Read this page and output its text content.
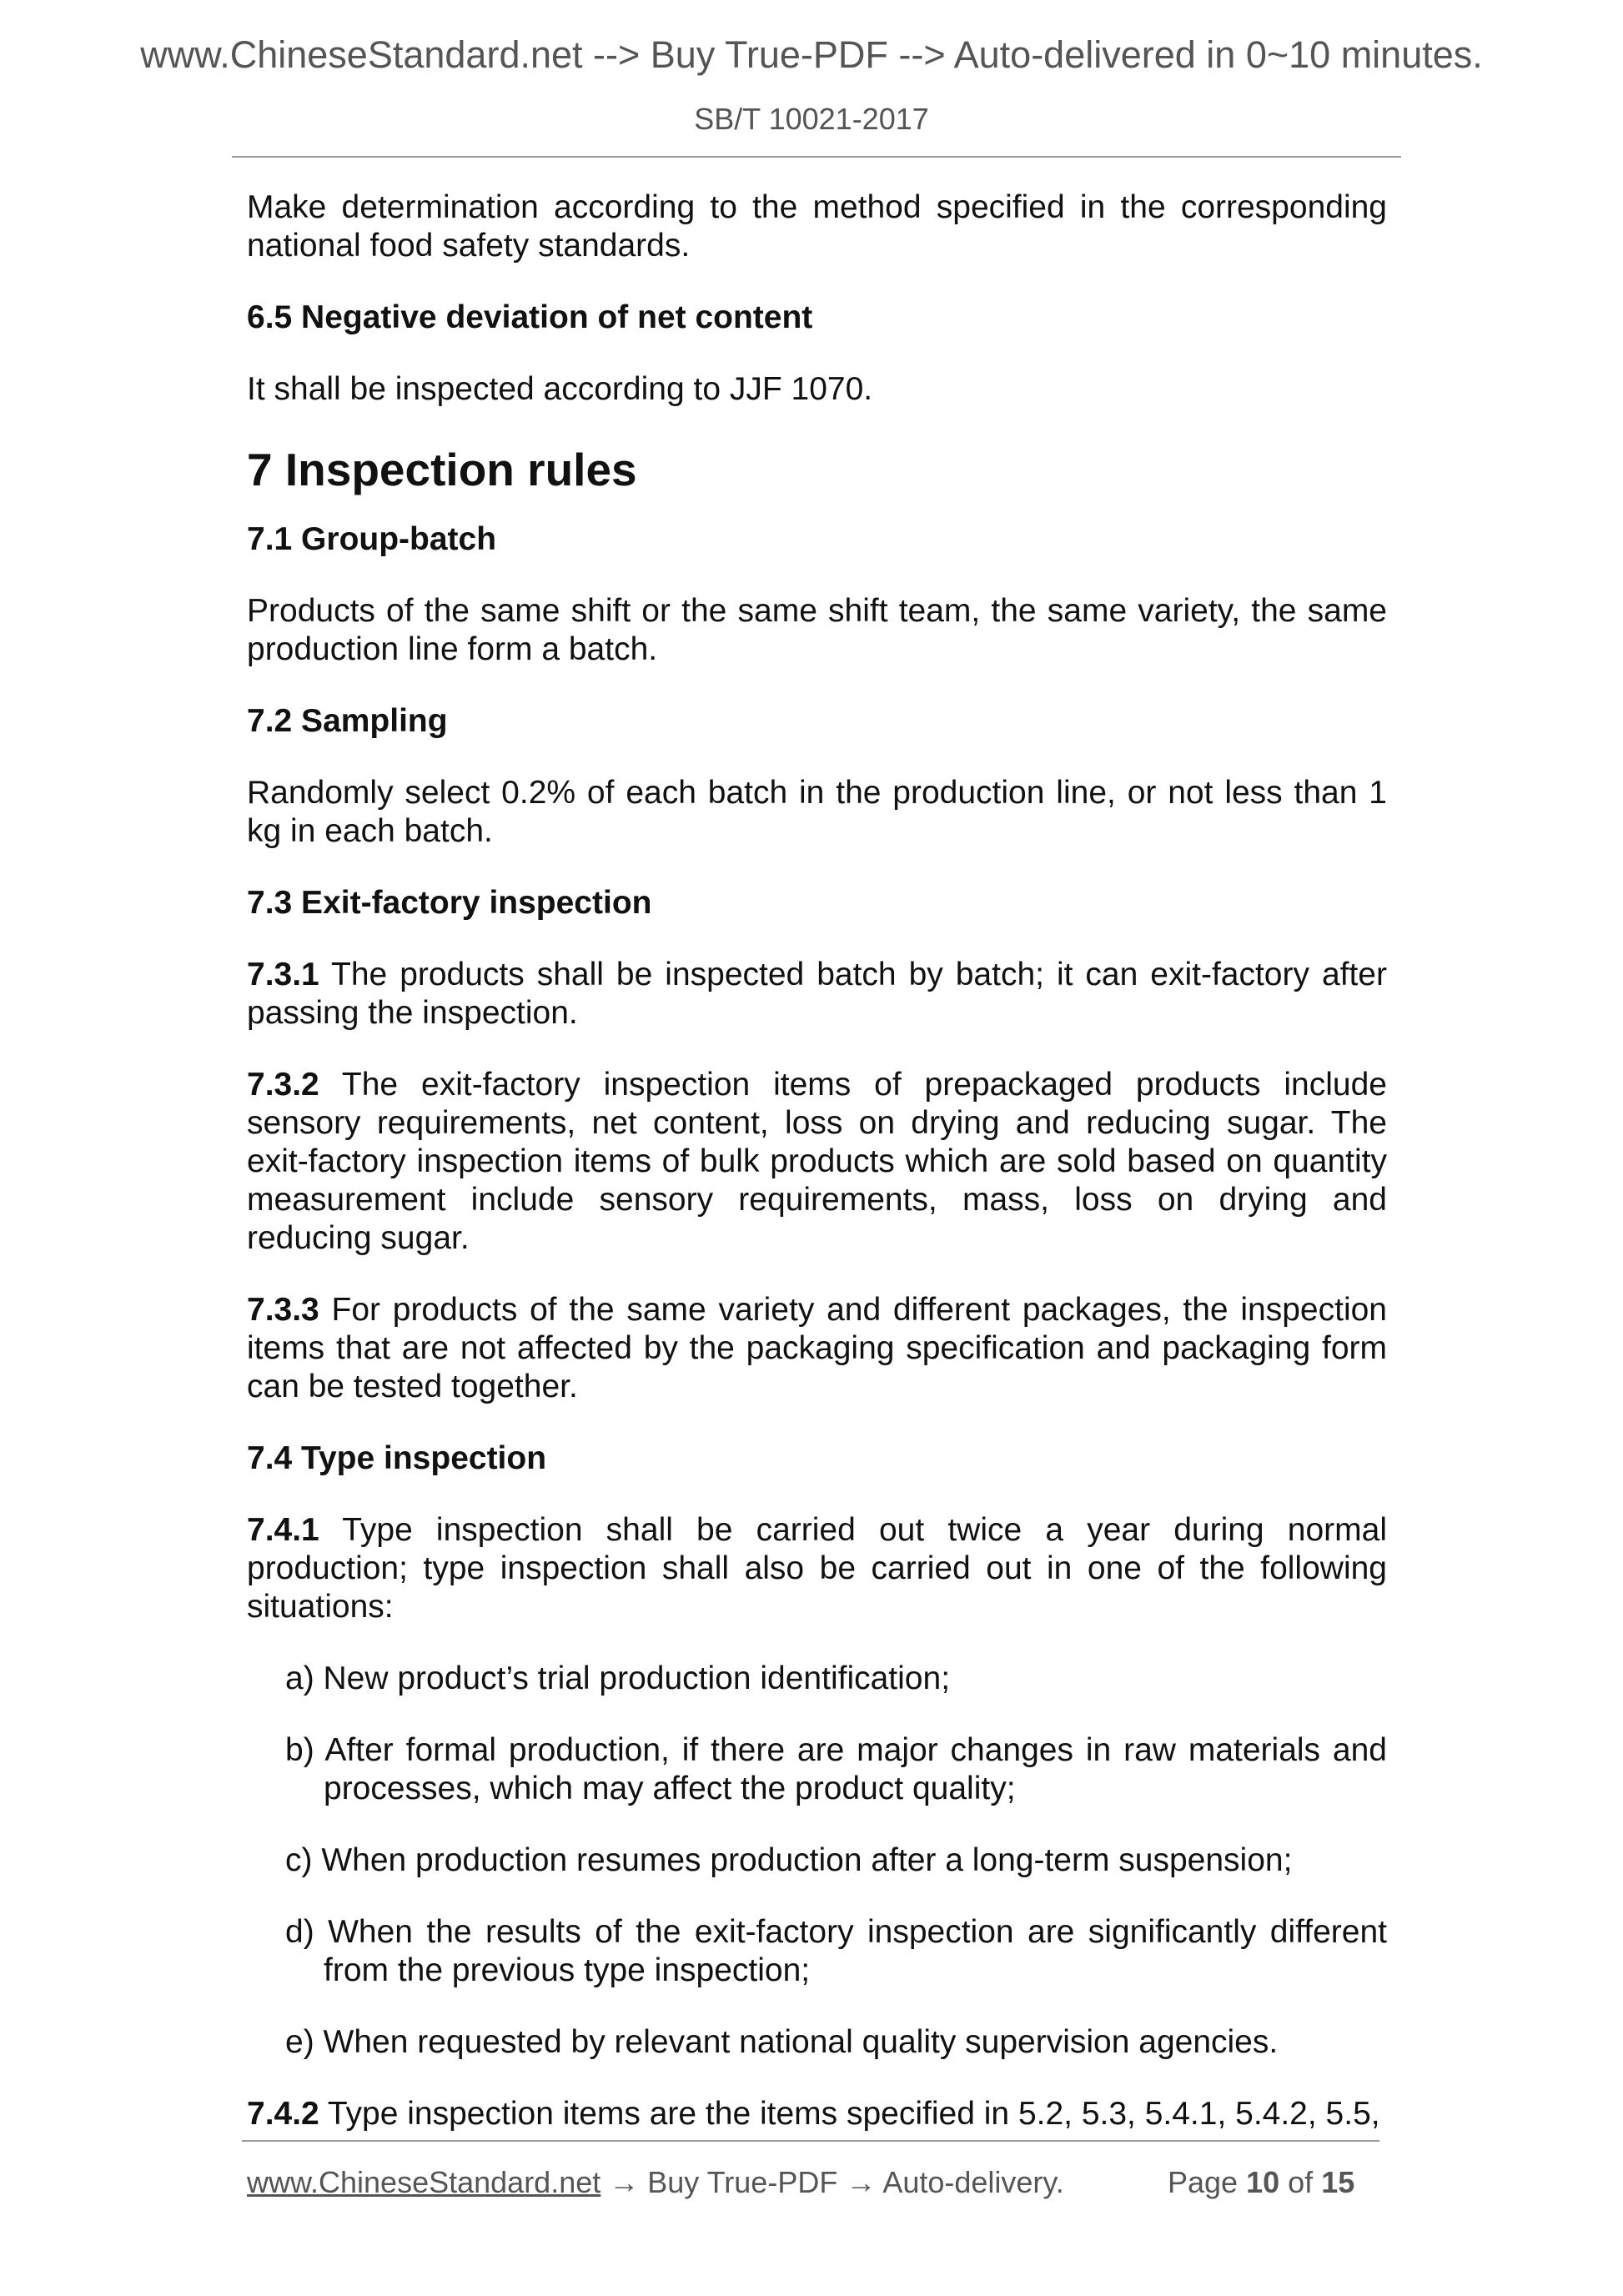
www.ChineseStandard.net --> Buy True-PDF --> Auto-delivered in 0~10 minutes.
SB/T 10021-2017

Make determination according to the method specified in the corresponding national food safety standards.

6.5 Negative deviation of net content

It shall be inspected according to JJF 1070.

7 Inspection rules

7.1 Group-batch

Products of the same shift or the same shift team, the same variety, the same production line form a batch.

7.2 Sampling

Randomly select 0.2% of each batch in the production line, or not less than 1 kg in each batch.

7.3 Exit-factory inspection

7.3.1 The products shall be inspected batch by batch; it can exit-factory after passing the inspection.

7.3.2 The exit-factory inspection items of prepackaged products include sensory requirements, net content, loss on drying and reducing sugar. The exit-factory inspection items of bulk products which are sold based on quantity measurement include sensory requirements, mass, loss on drying and reducing sugar.

7.3.3 For products of the same variety and different packages, the inspection items that are not affected by the packaging specification and packaging form can be tested together.

7.4 Type inspection

7.4.1 Type inspection shall be carried out twice a year during normal production; type inspection shall also be carried out in one of the following situations:

a) New product’s trial production identification;

b) After formal production, if there are major changes in raw materials and processes, which may affect the product quality;

c) When production resumes production after a long-term suspension;

d) When the results of the exit-factory inspection are significantly different from the previous type inspection;

e) When requested by relevant national quality supervision agencies.

7.4.2 Type inspection items are the items specified in 5.2, 5.3, 5.4.1, 5.4.2, 5.5,

www.ChineseStandard.net → Buy True-PDF → Auto-delivery.	Page 10 of 15
